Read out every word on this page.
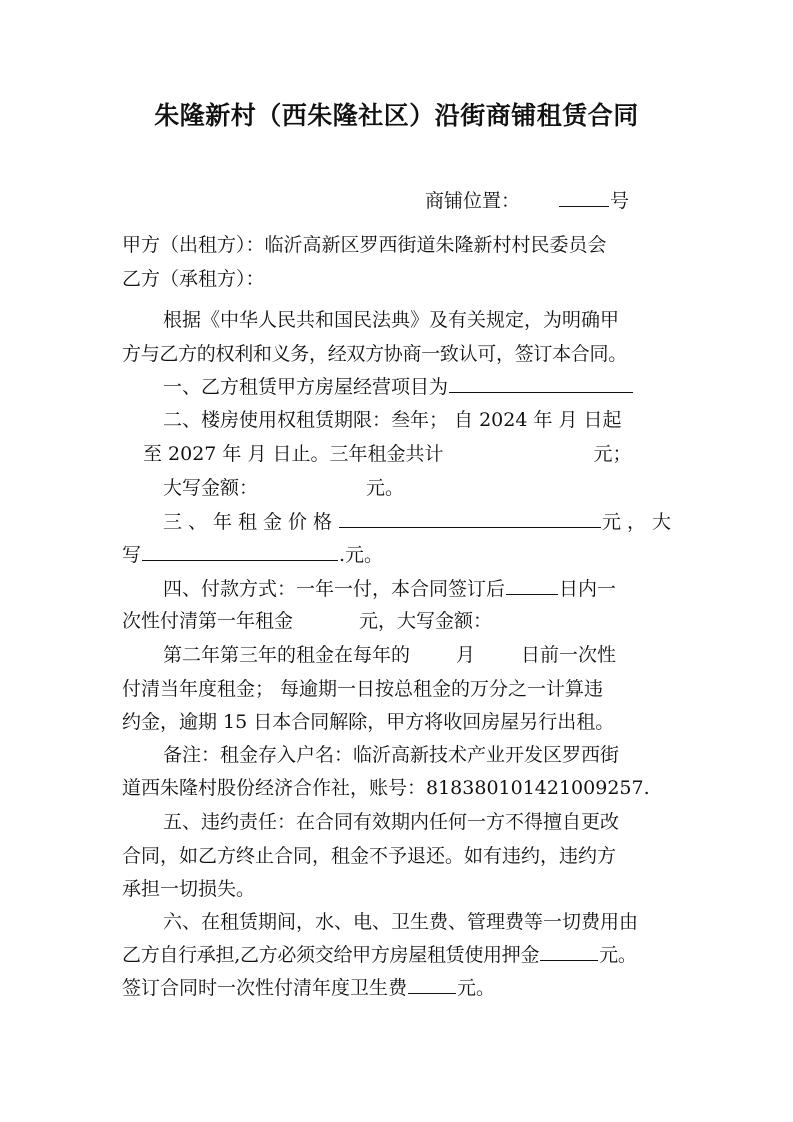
朱隆新村（西朱隆社区）沿街商铺租赁合同
商铺位置：	号
甲方（出租方）：临沂高新区罗西街道朱隆新村村民委员会
乙方（承租方）：
根据《中华人民共和国民法典》及有关规定，为明确甲
方与乙方的权利和义务，经双方协商一致认可，签订本合同。
一、乙方租赁甲方房屋经营项目为
二、楼房使用权租赁期限：叁年； 自 2024 年 月 日起
至 2027 年 月 日止。三年租金共计	元；
大写金额：	元。
三、年租金价格	元，大
写	.元。
四、付款方式：一年一付，本合同签订后	日内一
次性付清第一年租金	元，大写金额：
第二年第三年的租金在每年的 月 日前一次性
付清当年度租金； 每逾期一日按总租金的万分之一计算违
约金，逾期 15 日本合同解除，甲方将收回房屋另行出租。
备注：租金存入户名：临沂高新技术产业开发区罗西街
道西朱隆村股份经济合作社，账号：818380101421009257.
五、违约责任：在合同有效期内任何一方不得擅自更改
合同，如乙方终止合同，租金不予退还。如有违约，违约方
承担一切损失。
六、在租赁期间，水、电、卫生费、管理费等一切费用由
乙方自行承担,乙方必须交给甲方房屋租赁使用押金	元。
签订合同时一次性付清年度卫生费	元。
